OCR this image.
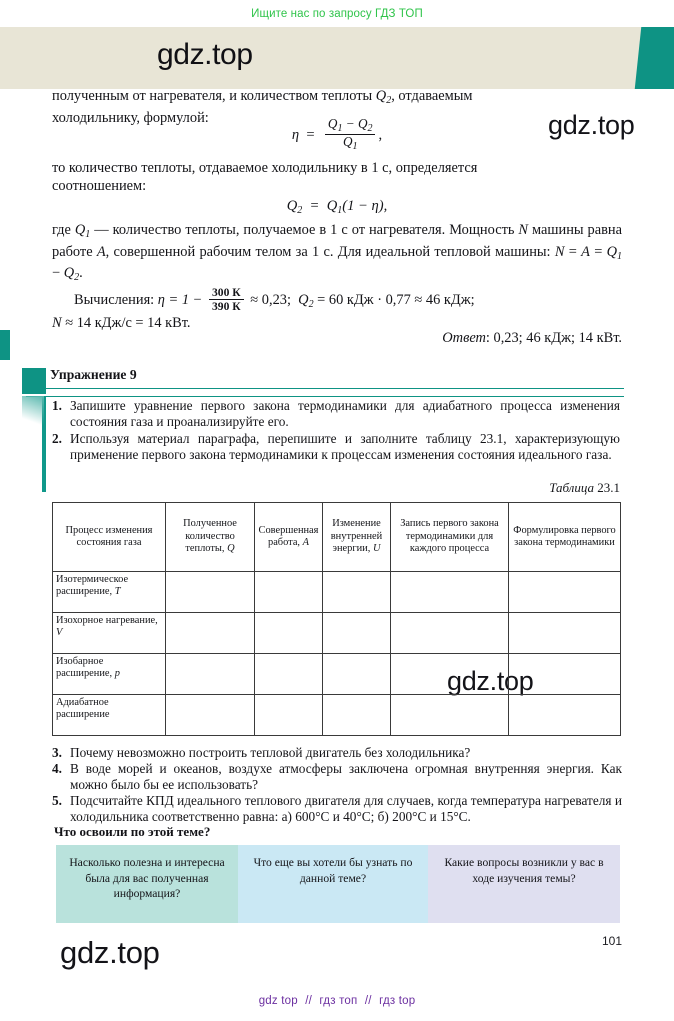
Ищите нас по запросу ГДЗ ТОП
gdz.top
gdz.top
gdz.top
gdz.top
полученным от нагревателя, и количеством теплоты $Q_2$, отдаваемым
холодильнику, формулой:
$\eta = \frac{Q_1 - Q_2}{Q_1}$ ,
то количество теплоты, отдаваемое холодильнику в 1 с, определяется
соотношением:
$Q_2 = Q_1(1 - \eta)$,
где $Q_1$ — количество теплоты, получаемое в 1 с от нагревателя. Мощность N машины равна работе A, совершенной рабочим телом за 1 с. Для идеальной тепловой машины: $N = A = Q_1 - Q_2$.
Вычисления: $\eta = 1 - \frac{300 К}{390 К} \approx 0,23$; $Q_2 = 60$ кДж · 0,77 ≈ 46 кДж;
N ≈ 14 кДж/с = 14 кВт.
Ответ: 0,23; 46 кДж; 14 кВт.
Упражнение 9
1. Запишите уравнение первого закона термодинамики для адиабатного процесса изменения состояния газа и проанализируйте его.
2. Используя материал параграфа, перепишите и заполните таблицу 23.1, характеризующую применение первого закона термодинамики к процессам изменения состояния идеального газа.
Таблица 23.1
Процесс изменения состояния газа	Полученное количество теплоты, Q	Совершенная работа, A	Изменение внутренней энергии, U	Запись первого закона термодинамики для каждого процесса	Формулировка первого закона термодинамики
Изотермическое расширение, T					
Изохорное нагревание, V					
Изобарное расширение, p					
Адиабатное расширение					
3. Почему невозможно построить тепловой двигатель без холодильника?
4. В воде морей и океанов, воздухе атмосферы заключена огромная внутренняя энергия. Как можно было бы ее использовать?
5. Подсчитайте КПД идеального теплового двигателя для случаев, когда температура нагревателя и холодильника соответственно равна: а) 600°С и 40°С; б) 200°С и 15°С.
Что освоили по этой теме?
Насколько полезна и интересна была для вас полученная информация?
Что еще вы хотели бы узнать по данной теме?
Какие вопросы возникли у вас в ходе изучения темы?
101
gdz top // гдз топ // гдз top
